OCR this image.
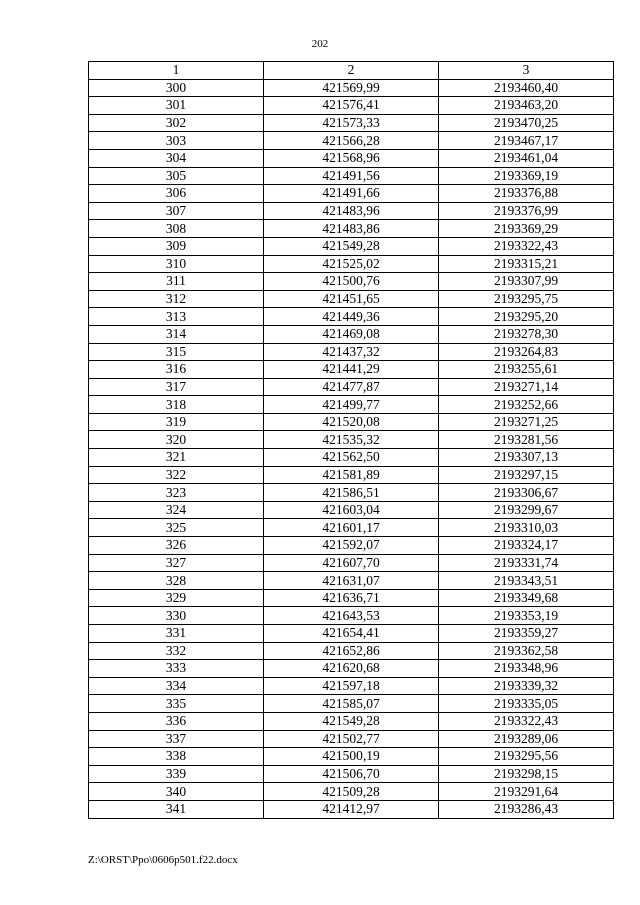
202
1	2	3
300	421569,99	2193460,40
301	421576,41	2193463,20
302	421573,33	2193470,25
303	421566,28	2193467,17
304	421568,96	2193461,04
305	421491,56	2193369,19
306	421491,66	2193376,88
307	421483,96	2193376,99
308	421483,86	2193369,29
309	421549,28	2193322,43
310	421525,02	2193315,21
311	421500,76	2193307,99
312	421451,65	2193295,75
313	421449,36	2193295,20
314	421469,08	2193278,30
315	421437,32	2193264,83
316	421441,29	2193255,61
317	421477,87	2193271,14
318	421499,77	2193252,66
319	421520,08	2193271,25
320	421535,32	2193281,56
321	421562,50	2193307,13
322	421581,89	2193297,15
323	421586,51	2193306,67
324	421603,04	2193299,67
325	421601,17	2193310,03
326	421592,07	2193324,17
327	421607,70	2193331,74
328	421631,07	2193343,51
329	421636,71	2193349,68
330	421643,53	2193353,19
331	421654,41	2193359,27
332	421652,86	2193362,58
333	421620,68	2193348,96
334	421597,18	2193339,32
335	421585,07	2193335,05
336	421549,28	2193322,43
337	421502,77	2193289,06
338	421500,19	2193295,56
339	421506,70	2193298,15
340	421509,28	2193291,64
341	421412,97	2193286,43
Z:\ORST\Ppo\0606p501.f22.docx
